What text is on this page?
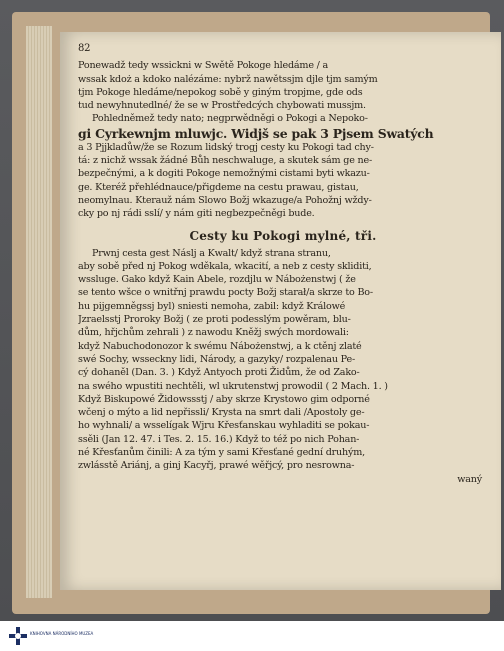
82
Ponewadž tedy wssickni w Swětě Pokoge hledáme / a
wssak kdoż a kdoko nalézáme: nybrž nawětssjm djle tjm samým
tjm Pokoge hledáme/nepokog sobě y giným tropjme, gde ods
tud newyhnutedlné/ že se w Prostředcých chybowati mussjm.
Pohledněmež tedy nato; negprwědněgi o Pokogi a Nepoko-
gi Cyrkewnjm mluwjc. Widjš se pak 3 Pjsem Swatých
a 3 Pjjkladůw/že se Rozum lidský trogj cesty ku Pokogi tad chy-
tá: z nichž wssak žádné Bůh neschwaluge, a skutek sám ge ne-
bezpečnými, a k dogiti Pokoge nemožnými cistami byti wkazu-
ge. Kteréž přehlédnauce/přigdeme na cestu prawau, gistau,
neomylnau. Kterauž nám Slowo Božj wkazuge/a Pohožnj wždy-
cky po nj rádi sslí/ y nám giti negbezpečněgi bude.
Cesty ku Pokogi mylné, tři.
Prwnj cesta gest Náslj a Kwalt/ když strana stranu,
aby sobě před nj Pokog wděkala, wkacití, a neb z cesty skliditi,
wssluge. Gako když Kain Abele, rozdjlu w Nábożenstwj ( že
se tento wšce o wnitřnj prawdu pocty Božj starał/a skrze to Bo-
hu pijgemněgssj byl) sniesti nemoha, zabil: když Králowé
Jzraelsstj Proroky Božj ( ze proti podesslým powěram, blu-
dům, hřjchům zehrali ) z nawodu Kněžj swých mordowali:
když Nabuchodonozor k swému Nábożenstwj, a k ctěnj zlaté
swé Sochy, wsseckny lidi, Národy, a gazyky/ rozpalenau Pe-
cý dohaněl (Dan. 3. ) Když Antyoch proti Židům, že od Zako-
na swého wpustiti nechtěli, wl ukrutenstwj prowodil ( 2 Mach. 1. )
Když Biskupowé Židowssstj / aby skrze Krystowo gim odporné
wčenj o mýto a lid nepřissli/ Krysta na smrt dali /Apostoly ge-
ho wyhnali/ a wsselígak Wjru Křesťanskau wyhladiti se pokau-
ssěli (Jan 12. 47. i Tes. 2. 15. 16.) Když to též po nich Pohan-
né Křesťanům činili: A za tým y sami Křesťané gední druhým,
zwlásstě Ariánj, a ginj Kacyřj, prawé wěřjcý, pro nesrowna-
waný
KNIHOVNA NÁRODNÍHO MUZEA
